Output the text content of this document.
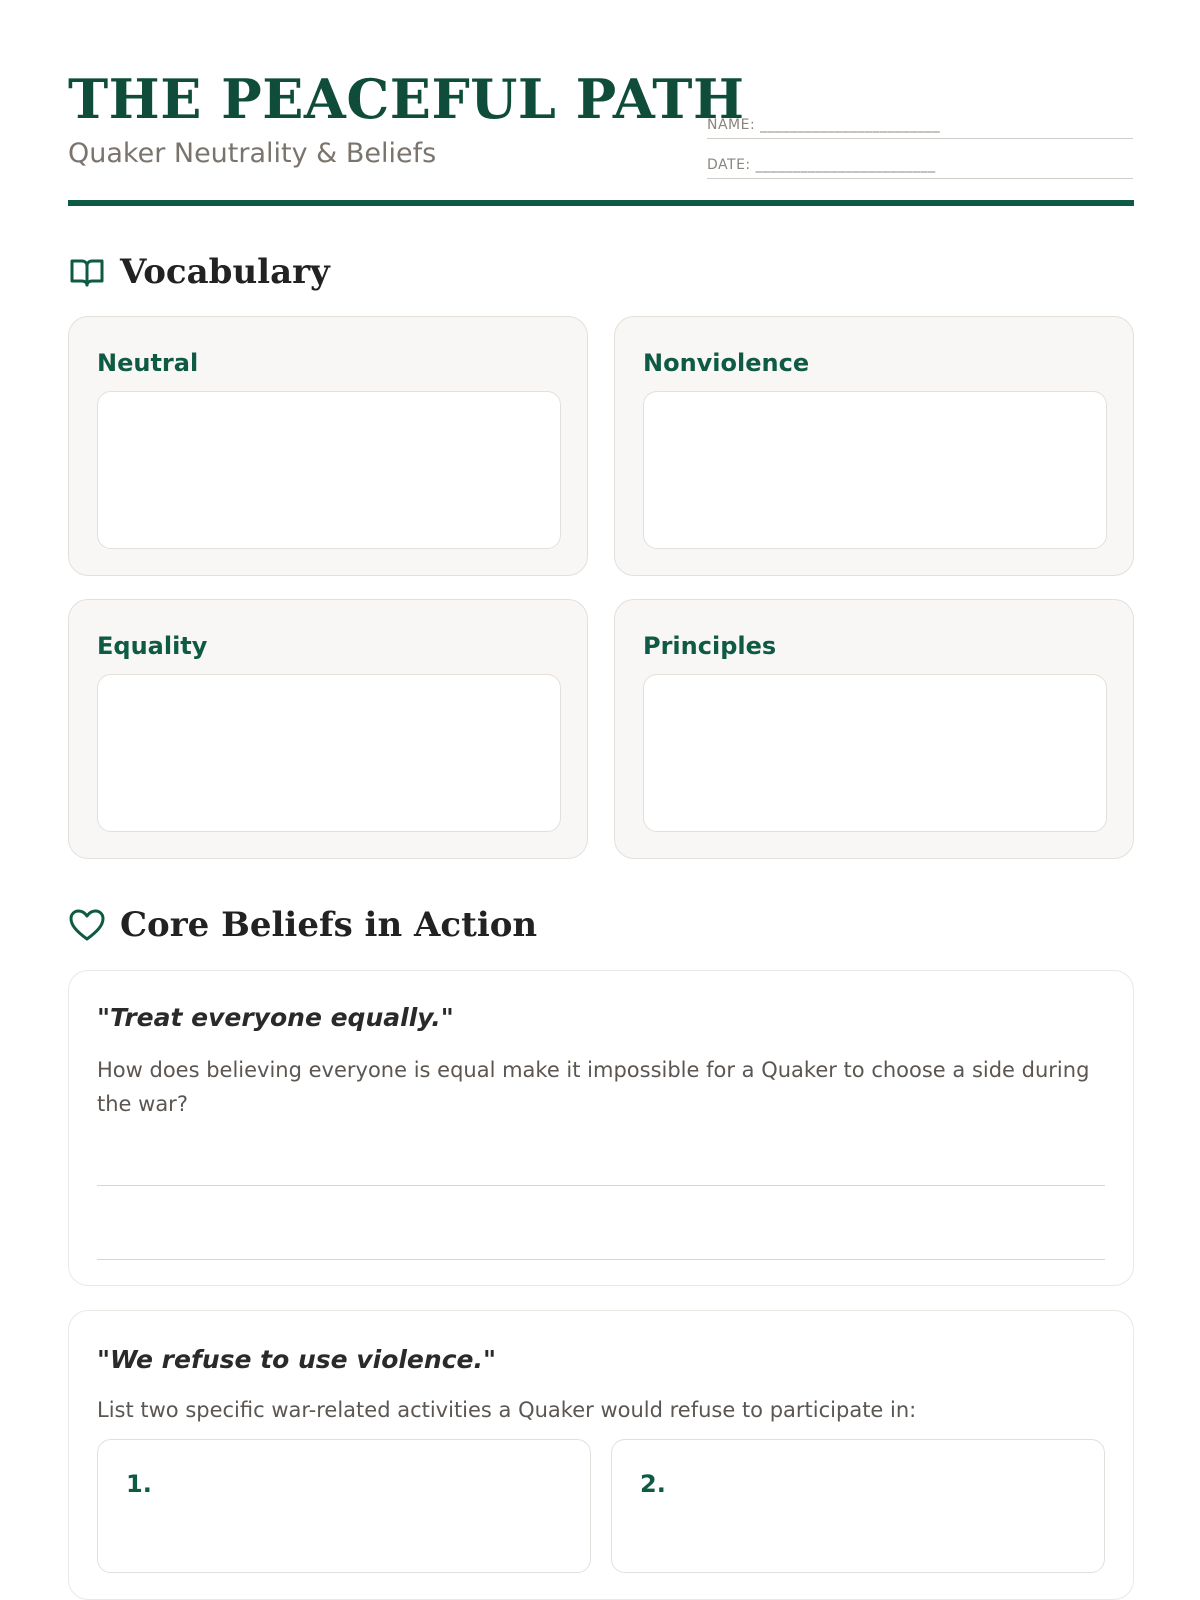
THE PEACEFUL PATH
Quaker Neutrality & Beliefs
NAME: ________________________
DATE: ________________________
Vocabulary
Neutral	Nonviolence
Equality	Principles
Core Beliefs in Action
"Treat everyone equally."
How does believing everyone is equal make it impossible for a Quaker to choose a side during the war?
"We refuse to use violence."
List two specific war-related activities a Quaker would refuse to participate in:
1.	2.
